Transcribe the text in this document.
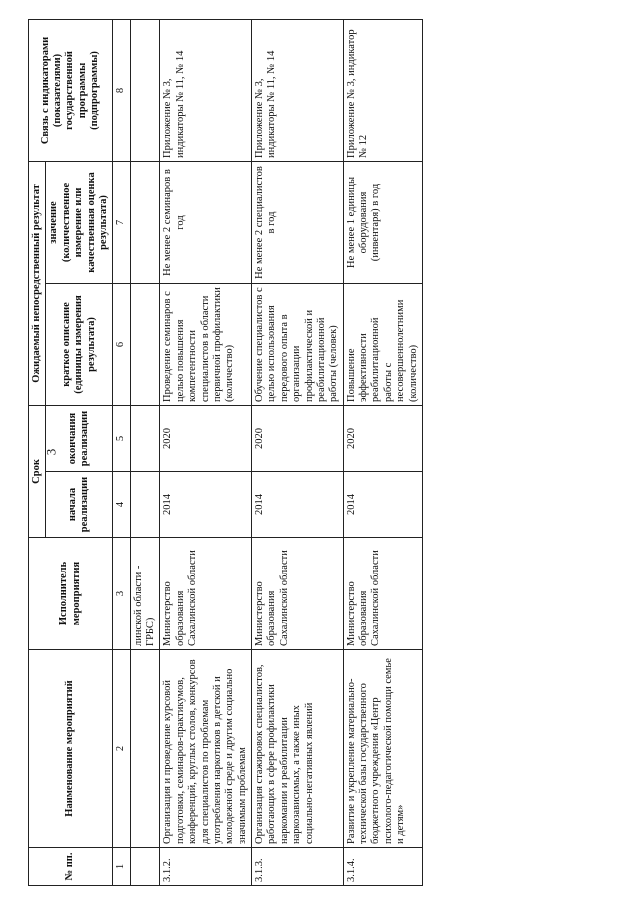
3
№ пп.	Наименование мероприятий	Исполнитель мероприятия	Срок		Ожидаемый непосредственный результат		Связь с индикаторами (показателями) государственной программы (подпрограммы)
			начала реализации	окончания реализации	краткое описание (единицы измерения результата)	значение (количественное измерение или качественная оценка результата)	
1	2	3	4	5	6	7	8
		линской области - ГРБС)					
3.1.2.	Организация и проведение курсовой подготовки, семинаров-практикумов, конференций, круглых столов, конкурсов для специалистов по проблемам употребления наркотиков в детской и молодежной среде и другим социально значимым проблемам	Министерство образования Сахалинской области	2014	2020	Проведение семинаров с целью повышения компетентности специалистов в области первичной профилактики (количество)	Не менее 2 семинаров в год	Приложение № 3, индикаторы № 11, № 14
3.1.3.	Организация стажировок специалистов, работающих в сфере профилактики наркомании и реабилитации наркозависимых, а также иных социально-негативных явлений	Министерство образования Сахалинской области	2014	2020	Обучение специалистов с целью использования передового опыта в организации профилактической и реабилитационной работы (человек)	Не менее 2 специалистов в год	Приложение № 3, индикаторы № 11, № 14
3.1.4.	Развитие и укрепление материально-технической базы государственного бюджетного учреждения «Центр психолого-педагогической помощи семье и детям»	Министерство образования Сахалинской области	2014	2020	Повышение эффективности реабилитационной работы с несовершеннолетними (количество)	Не менее 1 единицы оборудования (инвентаря) в год	Приложение № 3, индикатор № 12
